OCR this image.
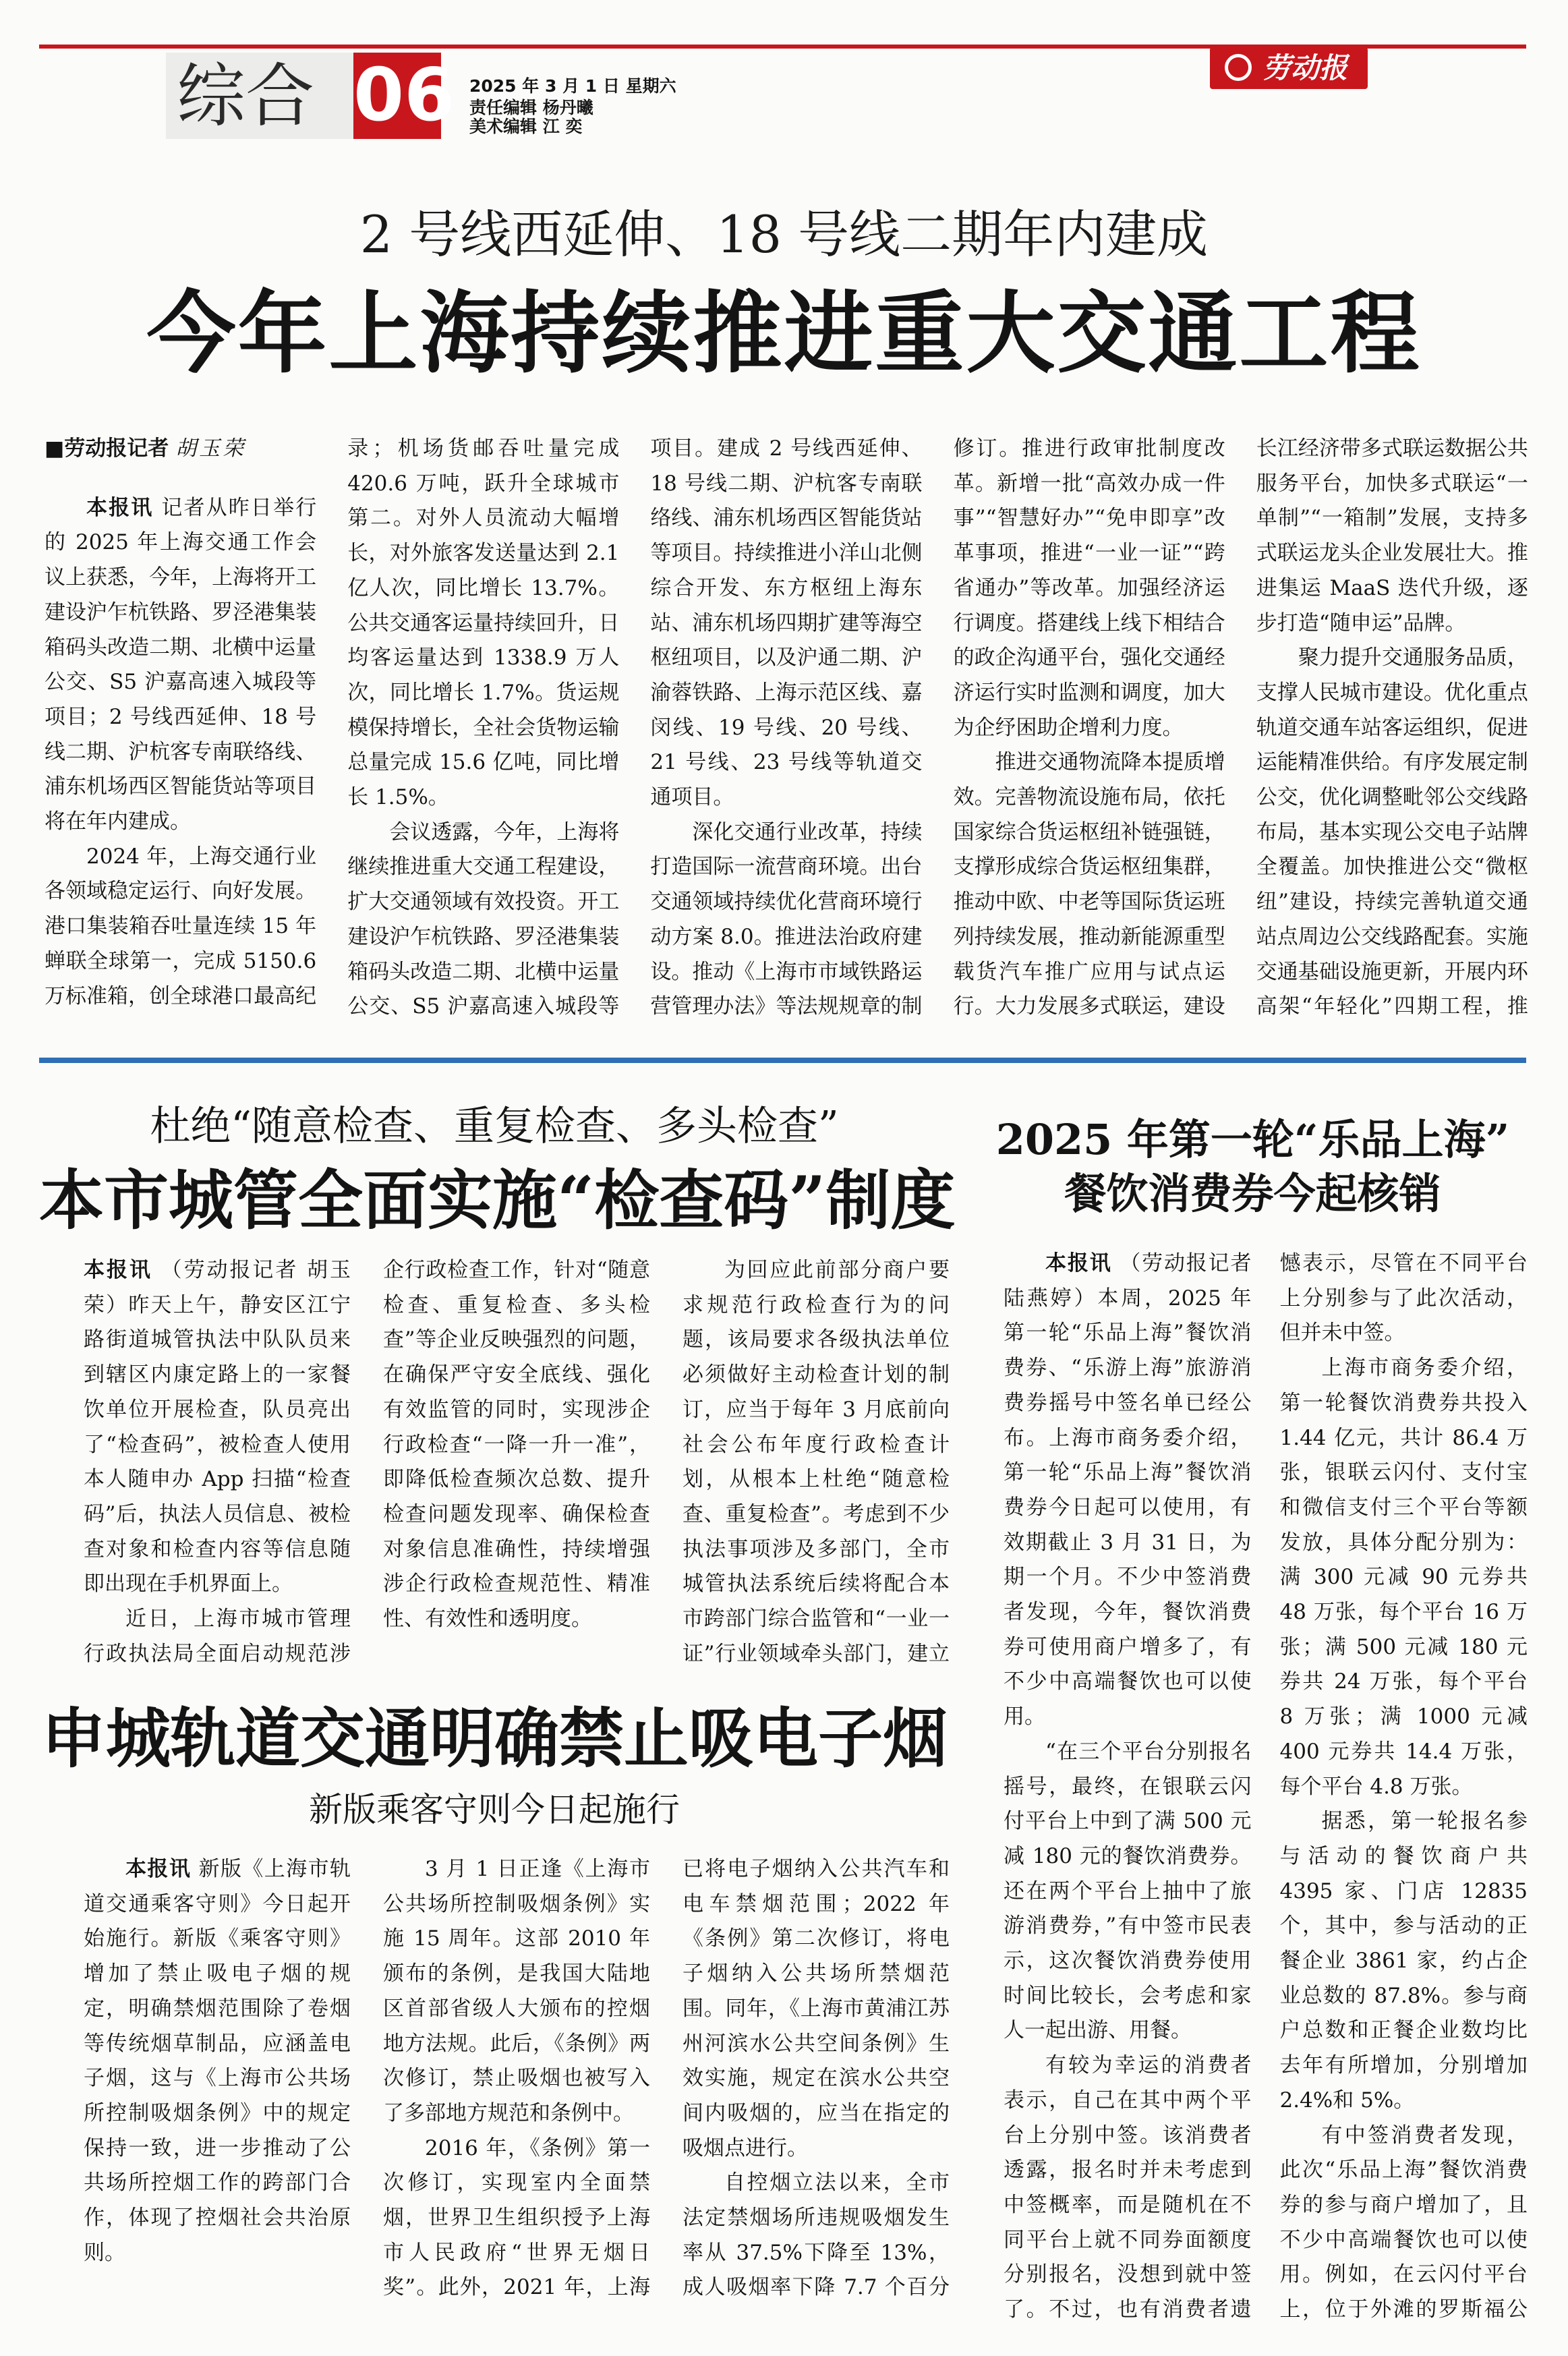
综合 06 2025 年 3 月 1 日 星期六
责任编辑 杨丹曦
美术编辑 江 奕
劳动报
2 号线西延伸、18 号线二期年内建成
今年上海持续推进重大交通工程

■劳动报记者 胡玉荣

本报讯 记者从昨日举行的 2025 年上海交通工作会议上获悉，今年，上海将开工建设沪乍杭铁路、罗泾港集装箱码头改造二期、北横中运量公交、S5 沪嘉高速入城段等项目；2 号线西延伸、18 号线二期、沪杭客专南联络线、浦东机场西区智能货站等项目将在年内建成。

2024 年，上海交通行业各领域稳定运行、向好发展。港口集装箱吞吐量连续 15 年蝉联全球第一，完成 5150.6 万标准箱，创全球港口最高纪录；机场货邮吞吐量完成 420.6 万吨，跃升全球城市第二。对外人员流动大幅增长，对外旅客发送量达到 2.1 亿人次，同比增长 13.7%。公共交通客运量持续回升，日均客运量达到 1338.9 万人次，同比增长 1.7%。货运规模保持增长，全社会货物运输总量完成 15.6 亿吨，同比增长 1.5%。

会议透露，今年，上海将继续推进重大交通工程建设，扩大交通领域有效投资。开工建设沪乍杭铁路、罗泾港集装箱码头改造二期、北横中运量公交、S5 沪嘉高速入城段等项目。建成 2 号线西延伸、18 号线二期、沪杭客专南联络线、浦东机场西区智能货站等项目。持续推进小洋山北侧综合开发、东方枢纽上海东站、浦东机场四期扩建等海空枢纽项目，以及沪通二期、沪渝蓉铁路、上海示范区线、嘉闵线、19 号线、20 号线、21 号线、23 号线等轨道交通项目。

深化交通行业改革，持续打造国际一流营商环境。出台交通领域持续优化营商环境行动方案 8.0。推进法治政府建设。推动《上海市市域铁路运营管理办法》等法规规章的制修订。推进行政审批制度改革。新增一批“高效办成一件事”“智慧好办”“免申即享”改革事项，推进“一业一证”“跨省通办”等改革。加强经济运行调度。搭建线上线下相结合的政企沟通平台，强化交通经济运行实时监测和调度，加大为企纾困助企增利力度。

推进交通物流降本提质增效。完善物流设施布局，依托国家综合货运枢纽补链强链，支撑形成综合货运枢纽集群，推动中欧、中老等国际货运班列持续发展，推动新能源重型载货汽车推广应用与试点运行。大力发展多式联运，建设长江经济带多式联运数据公共服务平台，加快多式联运“一单制”“一箱制”发展，支持多式联运龙头企业发展壮大。推进集运 MaaS 迭代升级，逐步打造“随申运”品牌。

聚力提升交通服务品质，支撑人民城市建设。优化重点轨道交通车站客运组织，促进运能精准供给。有序发展定制公交，优化调整毗邻公交线路布局，基本实现公交电子站牌全覆盖。加快推进公交“微枢纽”建设，持续完善轨道交通站点周边公交线路配套。实施交通基础设施更新，开展内环高架“年轻化”四期工程，推

杜绝“随意检查、重复检查、多头检查”
本市城管全面实施“检查码”制度

本报讯 （劳动报记者 胡玉荣）昨天上午，静安区江宁路街道城管执法中队队员来到辖区内康定路上的一家餐饮单位开展检查，队员亮出了“检查码”，被检查人使用本人随申办 App 扫描“检查码”后，执法人员信息、被检查对象和检查内容等信息随即出现在手机界面上。

近日，上海市城市管理行政执法局全面启动规范涉企行政检查工作，针对“随意检查、重复检查、多头检查”等企业反映强烈的问题，在确保严守安全底线、强化有效监管的同时，实现涉企行政检查“一降一升一准”，即降低检查频次总数、提升检查问题发现率、确保检查对象信息准确性，持续增强涉企行政检查规范性、精准性、有效性和透明度。

为回应此前部分商户要求规范行政检查行为的问题，该局要求各级执法单位必须做好主动检查计划的制订，应当于每年 3 月底前向社会公布年度行政检查计划，从根本上杜绝“随意检查、重复检查”。考虑到不少执法事项涉及多部门，全市城管执法系统后续将配合本市跨部门综合监管和“一业一证”行业领域牵头部门，建立

申城轨道交通明确禁止吸电子烟
新版乘客守则今日起施行

本报讯 新版《上海市轨道交通乘客守则》今日起开始施行。新版《乘客守则》增加了禁止吸电子烟的规定，明确禁烟范围除了卷烟等传统烟草制品，应涵盖电子烟，这与《上海市公共场所控制吸烟条例》中的规定保持一致，进一步推动了公共场所控烟工作的跨部门合作，体现了控烟社会共治原则。

3 月 1 日正逢《上海市公共场所控制吸烟条例》实施 15 周年。这部 2010 年颁布的条例，是我国大陆地区首部省级人大颁布的控烟地方法规。此后，《条例》两次修订，禁止吸烟也被写入了多部地方规范和条例中。

2016 年，《条例》第一次修订，实现室内全面禁烟，世界卫生组织授予上海市人民政府“世界无烟日奖”。此外，2021 年，上海已将电子烟纳入公共汽车和电车禁烟范围；2022 年《条例》第二次修订，将电子烟纳入公共场所禁烟范围。同年，《上海市黄浦江苏州河滨水公共空间条例》生效实施，规定在滨水公共空间内吸烟的，应当在指定的吸烟点进行。

自控烟立法以来，全市法定禁烟场所违规吸烟发生率从 37.5%下降至 13%，成人吸烟率下降 7.7 个百分

2025 年第一轮“乐品上海”
餐饮消费券今起核销

本报讯 （劳动报记者 陆燕婷）本周，2025 年第一轮“乐品上海”餐饮消费券、“乐游上海”旅游消费券摇号中签名单已经公布。上海市商务委介绍，第一轮“乐品上海”餐饮消费券今日起可以使用，有效期截止 3 月 31 日，为期一个月。不少中签消费者发现，今年，餐饮消费券可使用商户增多了，有不少中高端餐饮也可以使用。

“在三个平台分别报名摇号，最终，在银联云闪付平台上中到了满 500 元减 180 元的餐饮消费券。还在两个平台上抽中了旅游消费券，”有中签市民表示，这次餐饮消费券使用时间比较长，会考虑和家人一起出游、用餐。

有较为幸运的消费者表示，自己在其中两个平台上分别中签。该消费者透露，报名时并未考虑到中签概率，而是随机在不同平台上就不同券面额度分别报名，没想到就中签了。不过，也有消费者遗憾表示，尽管在不同平台上分别参与了此次活动，但并未中签。

上海市商务委介绍，第一轮餐饮消费券共投入 1.44 亿元，共计 86.4 万张，银联云闪付、支付宝和微信支付三个平台等额发放，具体分配分别为：满 300 元减 90 元券共 48 万张，每个平台 16 万张；满 500 元减 180 元券共 24 万张，每个平台 8 万张；满 1000 元减 400 元券共 14.4 万张，每个平台 4.8 万张。

据悉，第一轮报名参与活动的餐饮商户共 4395 家、门店 12835 个，其中，参与活动的正餐企业 3861 家，约占企业总数的 87.8%。参与商户总数和正餐企业数均比去年有所增加，分别增加 2.4%和 5%。

有中签消费者发现，此次“乐品上海”餐饮消费券的参与商户增加了，且不少中高端餐饮也可以使用。例如，在云闪付平台上，位于外滩的罗斯福公
